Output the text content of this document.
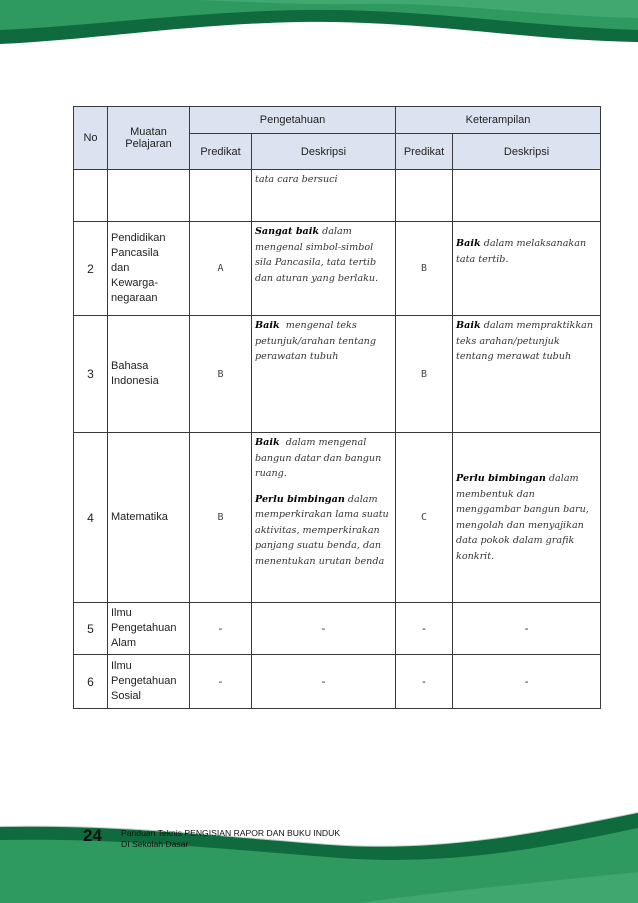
No	Muatan Pelajaran	Pengetahuan		Keterampilan	
		Predikat	Deskripsi	Predikat	Deskripsi
			tata cara bersuci		
2	Pendidikan
Pancasila
dan
Kewarga-
negaraan	A	Sangat baik dalam mengenal simbol-simbol sila Pancasila, tata tertib dan aturan yang berlaku.	B	Baik dalam melaksanakan tata tertib.
3	Bahasa
Indonesia	B	Baik mengenal teks petunjuk/arahan tentang perawatan tubuh	B	Baik dalam mempraktikkan teks arahan/petunjuk tentang merawat tubuh
4	Matematika	B	Baik dalam mengenal bangun datar dan bangun ruang.
Perlu bimbingan dalam memperkirakan lama suatu aktivitas, memperkirakan panjang suatu benda, dan menentukan urutan benda	C	Perlu bimbingan dalam membentuk dan menggambar bangun baru, mengolah dan menyajikan data pokok dalam grafik konkrit.
5	Ilmu
Pengetahuan
Alam	-	-	-	-
6	Ilmu
Pengetahuan
Sosial	-	-	-	-
24 Panduan Teknis PENGISIAN RAPOR DAN BUKU INDUK
DI Sekolah Dasar
